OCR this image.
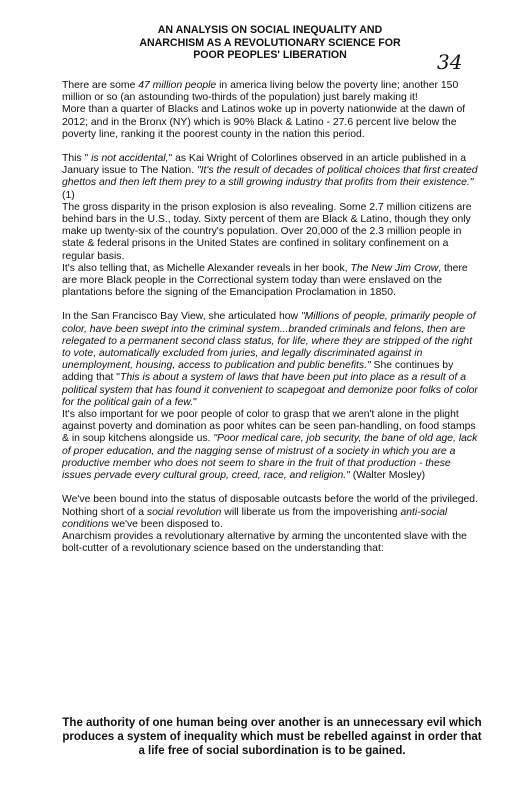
AN ANALYSIS ON SOCIAL INEQUALITY AND
ANARCHISM AS A REVOLUTIONARY SCIENCE FOR
POOR PEOPLES' LIBERATION	34

There are some 47 million people in america living below the poverty line; another 150 million or so (an astounding two-thirds of the population) just barely making it!

More than a quarter of Blacks and Latinos woke up in poverty nationwide at the dawn of 2012; and in the Bronx (NY) which is 90% Black & Latino - 27.6 percent live below the poverty line, ranking it the poorest county in the nation this period.

This " is not accidental," as Kai Wright of Colorlines observed in an article published in a January issue to The Nation. "It's the result of decades of political choices that first created ghettos and then left them prey to a still growing industry that profits from their existence." (1)

The gross disparity in the prison explosion is also revealing. Some 2.7 million citizens are behind bars in the U.S., today. Sixty percent of them are Black & Latino, though they only make up twenty-six of the country's population. Over 20,000 of the 2.3 million people in state & federal prisons in the United States are confined in solitary confinement on a regular basis.

It's also telling that, as Michelle Alexander reveals in her book, The New Jim Crow, there are more Black people in the Correctional system today than were enslaved on the plantations before the signing of the Emancipation Proclamation in 1850.

In the San Francisco Bay View, she articulated how "Millions of people, primarily people of color, have been swept into the criminal system...branded criminals and felons, then are relegated to a permanent second class status, for life, where they are stripped of the right to vote, automatically excluded from juries, and legally discriminated against in unemployment, housing, access to publication and public benefits." She continues by adding that "This is about a system of laws that have been put into place as a result of a political system that has found it convenient to scapegoat and demonize poor folks of color for the political gain of a few."

It's also important for we poor people of color to grasp that we aren't alone in the plight against poverty and domination as poor whites can be seen pan-handling, on food stamps & in soup kitchens alongside us. "Poor medical care, job security, the bane of old age, lack of proper education, and the nagging sense of mistrust of a society in which you are a productive member who does not seem to share in the fruit of that production - these issues pervade every cultural group, creed, race, and religion." (Walter Mosley)

We've been bound into the status of disposable outcasts before the world of the privileged.

Nothing short of a social revolution will liberate us from the impoverishing anti-social conditions we've been disposed to.

Anarchism provides a revolutionary alternative by arming the uncontented slave with the bolt-cutter of a revolutionary science based on the understanding that:

The authority of one human being over another is an unnecessary evil which produces a system of inequality which must be rebelled against in order that a life free of social subordination is to be gained.
